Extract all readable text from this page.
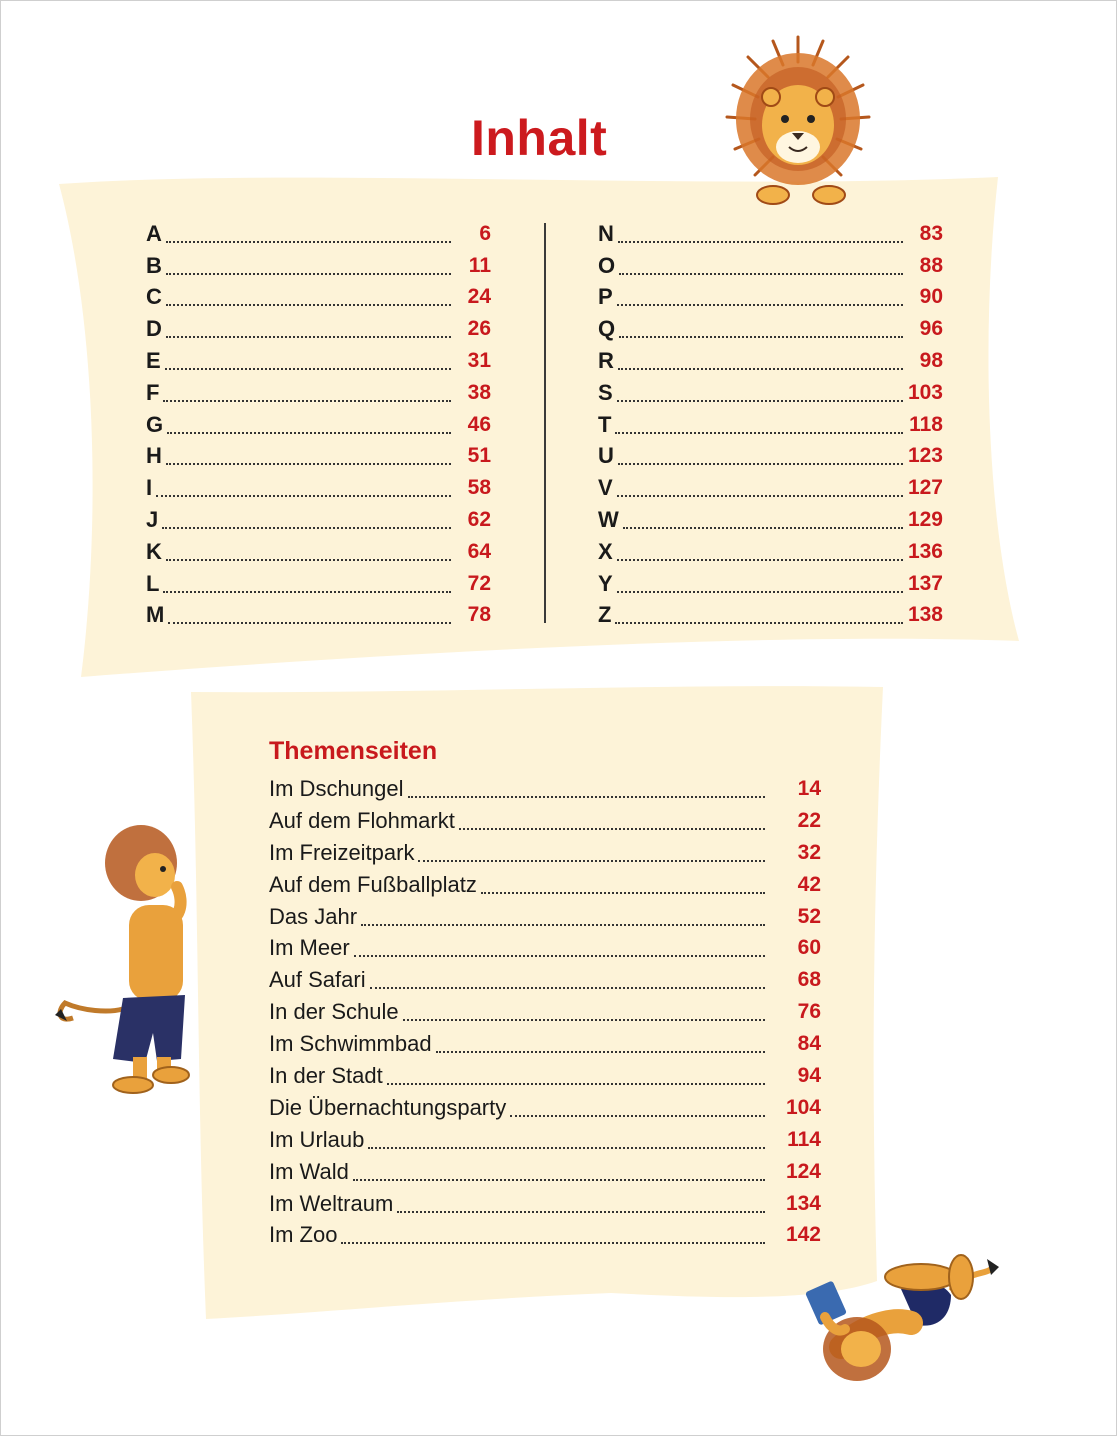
Inhalt
A	6
B	11
C	24
D	26
E	31
F	38
G	46
H	51
I	58
J	62
K	64
L	72
M	78
N	83
O	88
P	90
Q	96
R	98
S	103
T	118
U	123
V	127
W	129
X	136
Y	137
Z	138
Themenseiten
Im Dschungel	14
Auf dem Flohmarkt	22
Im Freizeitpark	32
Auf dem Fußballplatz	42
Das Jahr	52
Im Meer	60
Auf Safari	68
In der Schule	76
Im Schwimmbad	84
In der Stadt	94
Die Übernachtungsparty	104
Im Urlaub	114
Im Wald	124
Im Weltraum	134
Im Zoo	142
